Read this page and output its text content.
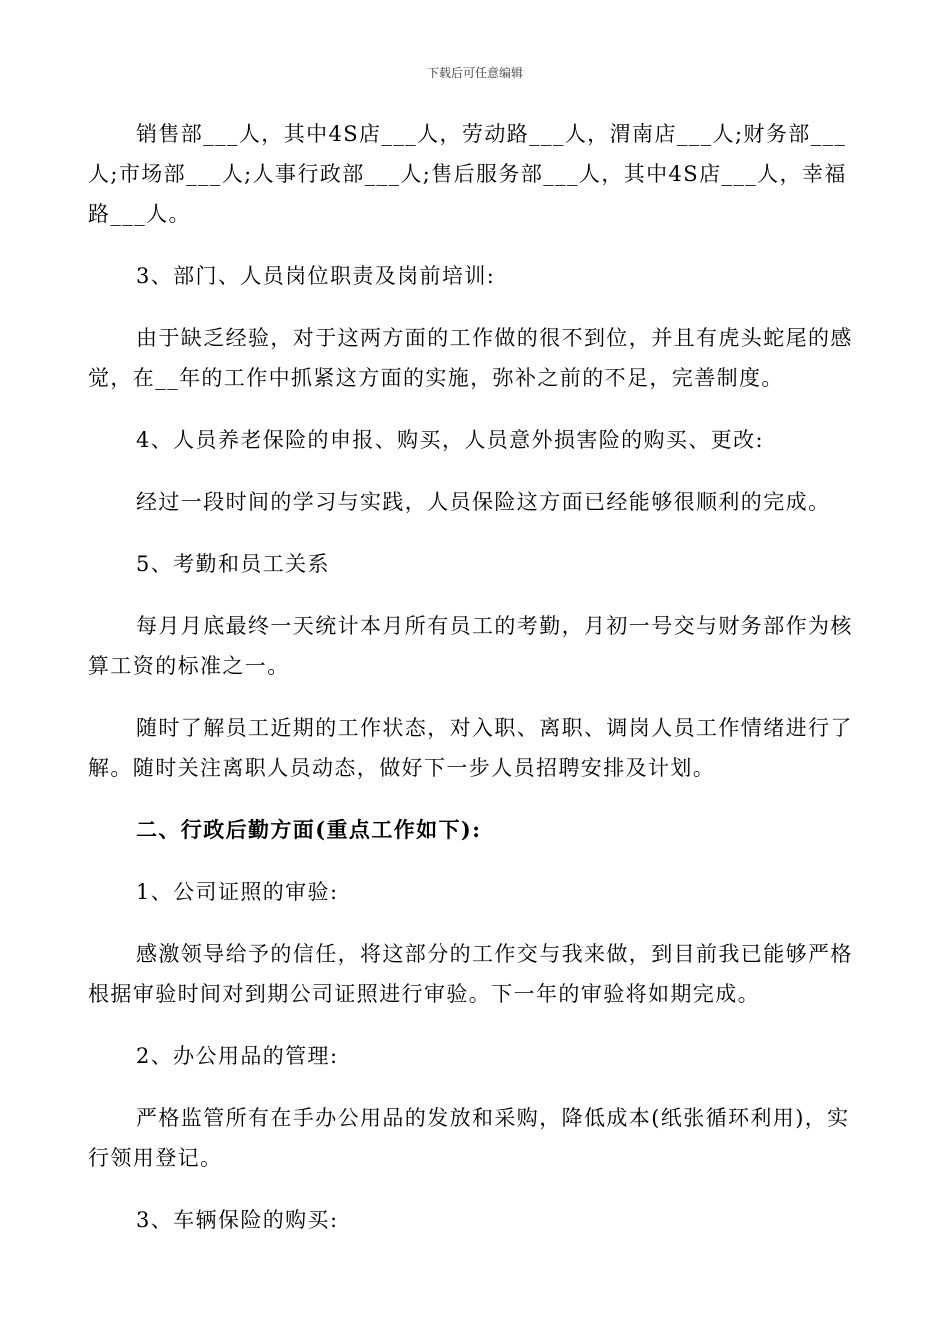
下载后可任意编辑

销售部___人，其中4S店___人，劳动路___人，渭南店___人;财务部___人;市场部___人;人事行政部___人;售后服务部___人，其中4S店___人，幸福路___人。

3、部门、人员岗位职责及岗前培训:

由于缺乏经验，对于这两方面的工作做的很不到位，并且有虎头蛇尾的感觉，在__年的工作中抓紧这方面的实施，弥补之前的不足，完善制度。

4、人员养老保险的申报、购买，人员意外损害险的购买、更改:

经过一段时间的学习与实践，人员保险这方面已经能够很顺利的完成。

5、考勤和员工关系

每月月底最终一天统计本月所有员工的考勤，月初一号交与财务部作为核算工资的标准之一。

随时了解员工近期的工作状态，对入职、离职、调岗人员工作情绪进行了解。随时关注离职人员动态，做好下一步人员招聘安排及计划。

二、行政后勤方面(重点工作如下):

1、公司证照的审验:

感激领导给予的信任，将这部分的工作交与我来做，到目前我已能够严格根据审验时间对到期公司证照进行审验。下一年的审验将如期完成。

2、办公用品的管理:

严格监管所有在手办公用品的发放和采购，降低成本(纸张循环利用)，实行领用登记。

3、车辆保险的购买:
